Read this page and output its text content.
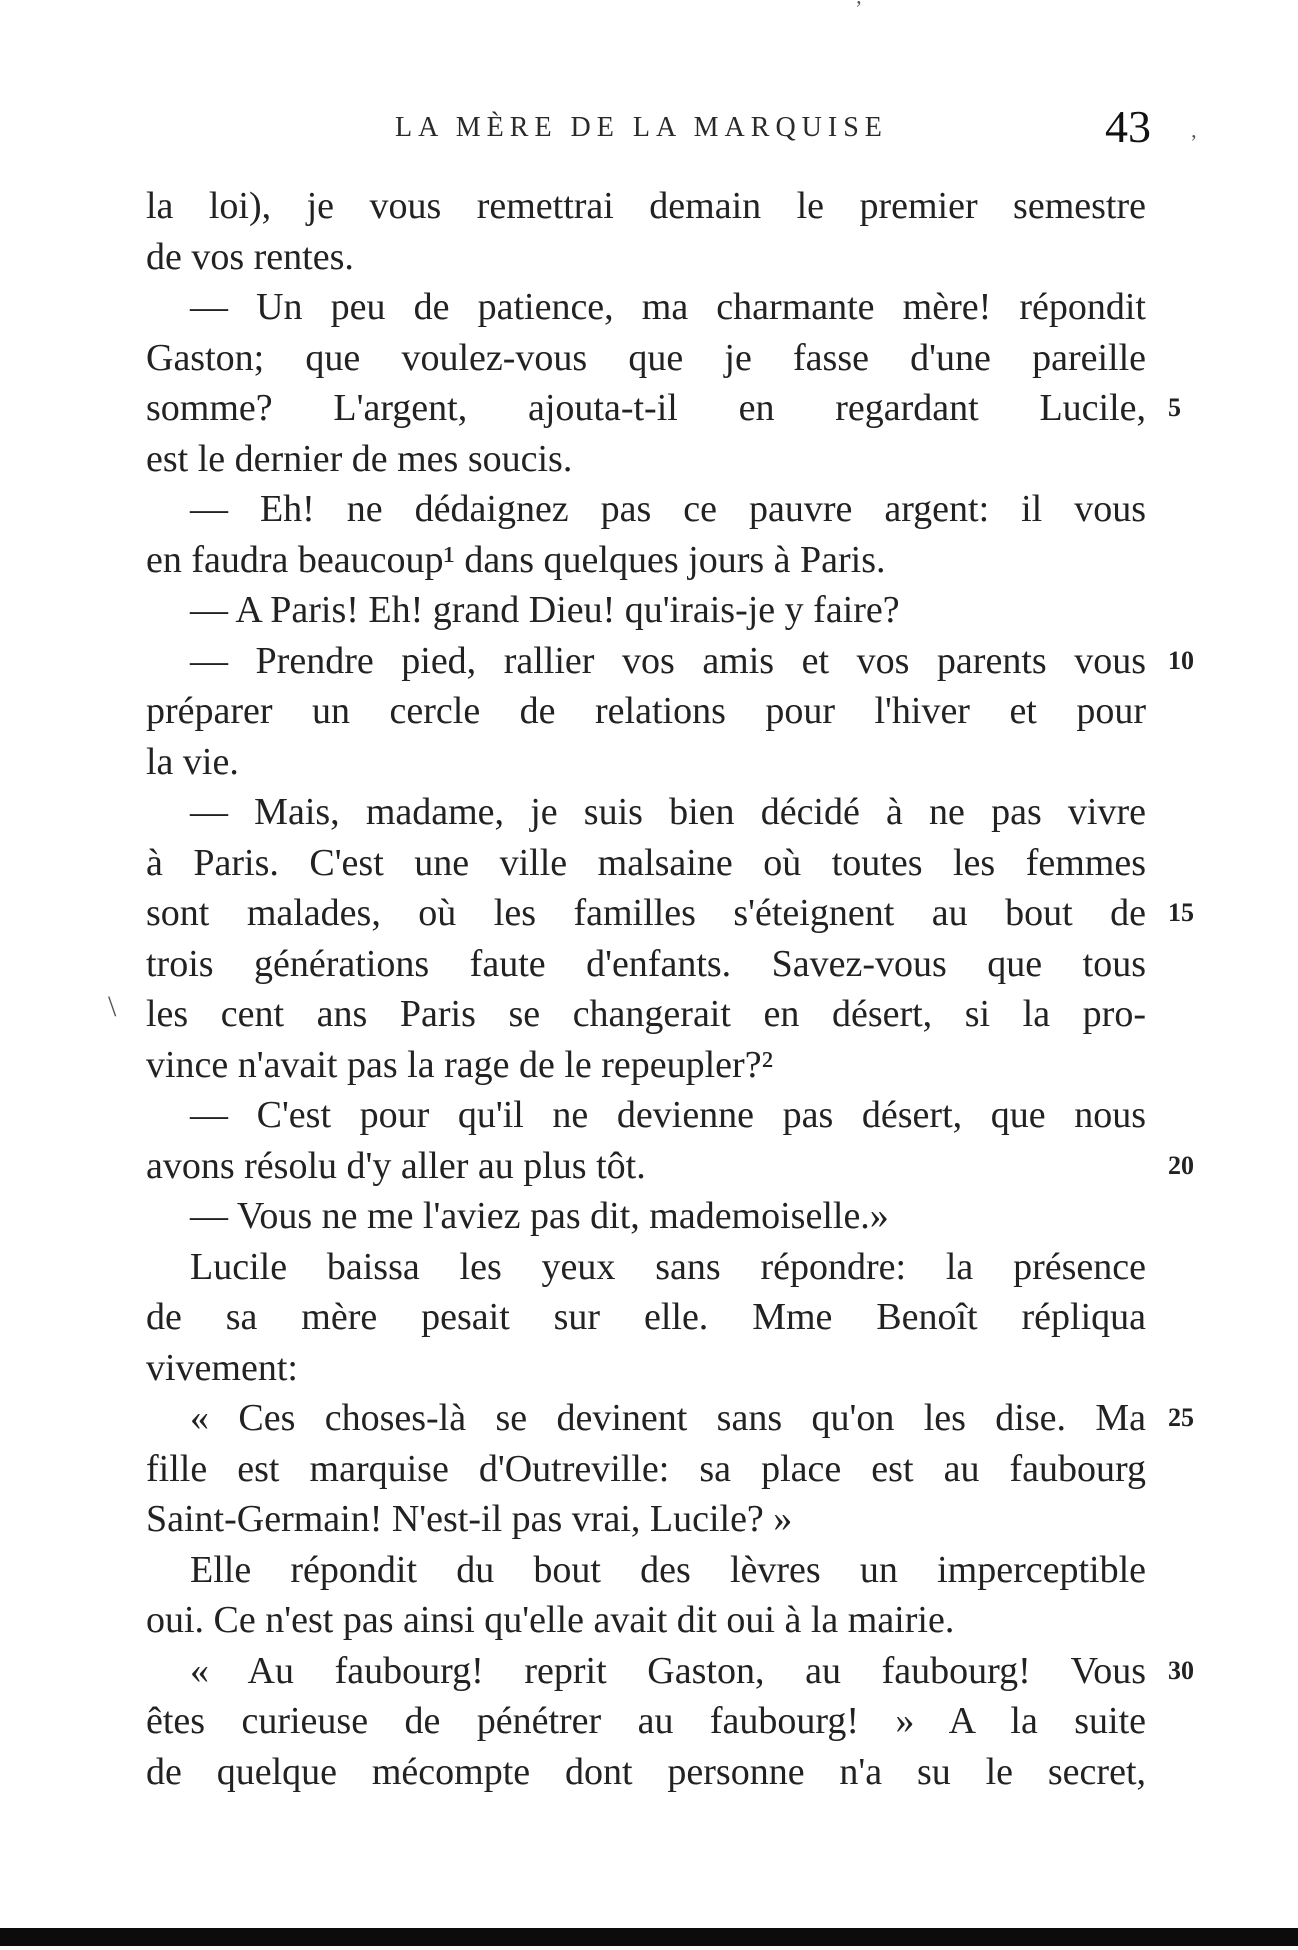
LA MÈRE DE LA MARQUISE	43
la loi), je vous remettrai demain le premier semestre
de vos rentes.
— Un peu de patience, ma charmante mère! répondit
Gaston; que voulez-vous que je fasse d'une pareille
somme? L'argent, ajouta-t-il en regardant Lucile,
est le dernier de mes soucis.
— Eh! ne dédaignez pas ce pauvre argent: il vous
en faudra beaucoup¹ dans quelques jours à Paris.
— A Paris! Eh! grand Dieu! qu'irais-je y faire?
— Prendre pied, rallier vos amis et vos parents vous
préparer un cercle de relations pour l'hiver et pour
la vie.
— Mais, madame, je suis bien décidé à ne pas vivre
à Paris. C'est une ville malsaine où toutes les femmes
sont malades, où les familles s'éteignent au bout de
trois générations faute d'enfants. Savez-vous que tous
les cent ans Paris se changerait en désert, si la pro-
vince n'avait pas la rage de le repeupler?²
— C'est pour qu'il ne devienne pas désert, que nous
avons résolu d'y aller au plus tôt.
— Vous ne me l'aviez pas dit, mademoiselle.»
Lucile baissa les yeux sans répondre: la présence
de sa mère pesait sur elle. Mme Benoît répliqua
vivement:
« Ces choses-là se devinent sans qu'on les dise. Ma
fille est marquise d'Outreville: sa place est au faubourg
Saint-Germain! N'est-il pas vrai, Lucile? »
Elle répondit du bout des lèvres un imperceptible
oui. Ce n'est pas ainsi qu'elle avait dit oui à la mairie.
« Au faubourg! reprit Gaston, au faubourg! Vous
êtes curieuse de pénétrer au faubourg! » A la suite
de quelque mécompte dont personne n'a su le secret,
5
10
15
20
25
30
ʼ
ʼ
\
